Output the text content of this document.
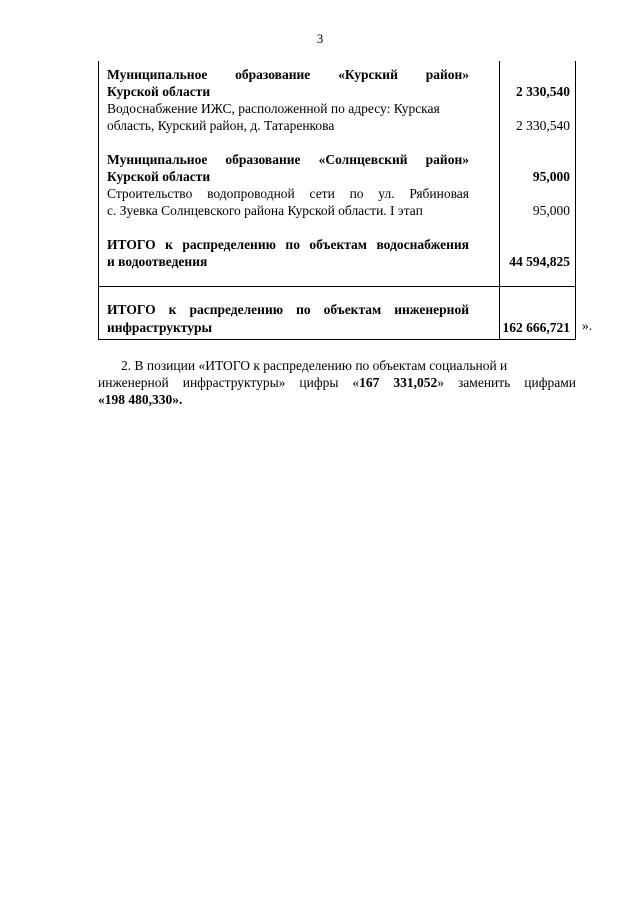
3
Муниципальное образование «Курский район»
Курской области	2 330,540
Водоснабжение ИЖС, расположенной по адресу: Курская
область, Курский район, д. Татаренкова	2 330,540
Муниципальное образование «Солнцевский район»
Курской области	95,000
Строительство водопроводной сети по ул. Рябиновая
с. Зуевка Солнцевского района Курской области. I этап	95,000
ИТОГО к распределению по объектам водоснабжения
и водоотведения	44 594,825
ИТОГО к распределению по объектам инженерной
инфраструктуры	162 666,721 ».
2. В позиции «ИТОГО к распределению по объектам социальной и
инженерной инфраструктуры» цифры «167 331,052» заменить цифрами
«198 480,330».
